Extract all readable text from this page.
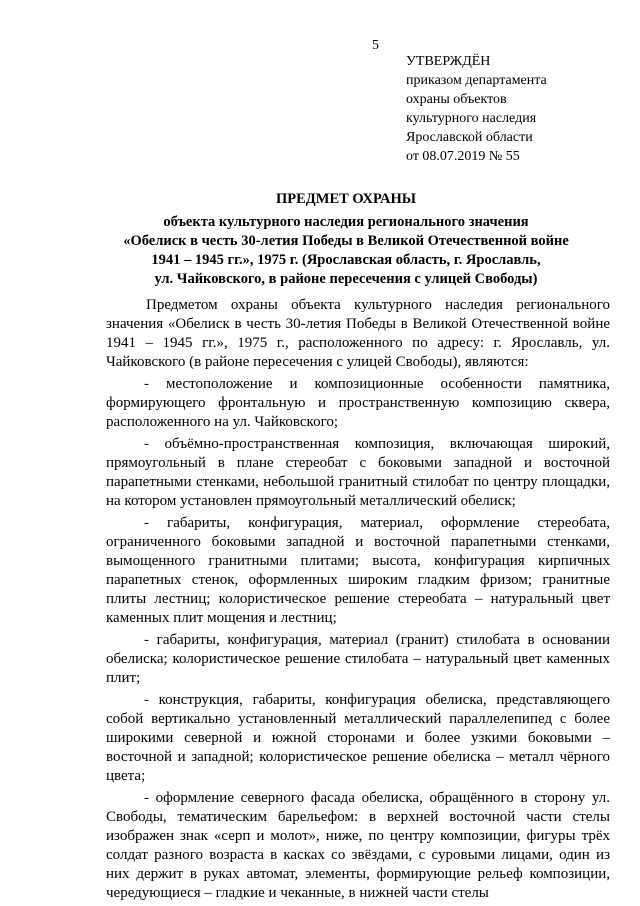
5
УТВЕРЖДЁН
приказом департамента
охраны объектов
культурного наследия
Ярославской области
от 08.07.2019 № 55
ПРЕДМЕТ ОХРАНЫ
объекта культурного наследия регионального значения
«Обелиск в честь 30-летия Победы в Великой Отечественной войне
1941 – 1945 гг.», 1975 г. (Ярославская область, г. Ярославль,
ул. Чайковского, в районе пересечения с улицей Свободы)

Предметом охраны объекта культурного наследия регионального значения «Обелиск в честь 30-летия Победы в Великой Отечественной войне 1941 – 1945 гг.», 1975 г., расположенного по адресу: г. Ярославль, ул. Чайковского (в районе пересечения с улицей Свободы), являются:

- местоположение и композиционные особенности памятника, формирующего фронтальную и пространственную композицию сквера, расположенного на ул. Чайковского;

- объёмно-пространственная композиция, включающая широкий, прямоугольный в плане стереобат с боковыми западной и восточной парапетными стенками, небольшой гранитный стилобат по центру площадки, на котором установлен прямоугольный металлический обелиск;

- габариты, конфигурация, материал, оформление стереобата, ограниченного боковыми западной и восточной парапетными стенками, вымощенного гранитными плитами; высота, конфигурация кирпичных парапетных стенок, оформленных широким гладким фризом; гранитные плиты лестниц; колористическое решение стереобата – натуральный цвет каменных плит мощения и лестниц;

- габариты, конфигурация, материал (гранит) стилобата в основании обелиска; колористическое решение стилобата – натуральный цвет каменных плит;

- конструкция, габариты, конфигурация обелиска, представляющего собой вертикально установленный металлический параллелепипед с более широкими северной и южной сторонами и более узкими боковыми – восточной и западной; колористическое решение обелиска – металл чёрного цвета;

- оформление северного фасада обелиска, обращённого в сторону ул. Свободы, тематическим барельефом: в верхней восточной части стелы изображен знак «серп и молот», ниже, по центру композиции, фигуры трёх солдат разного возраста в касках со звёздами, с суровыми лицами, один из них держит в руках автомат, элементы, формирующие рельеф композиции, чередующиеся – гладкие и чеканные, в нижней части стелы
